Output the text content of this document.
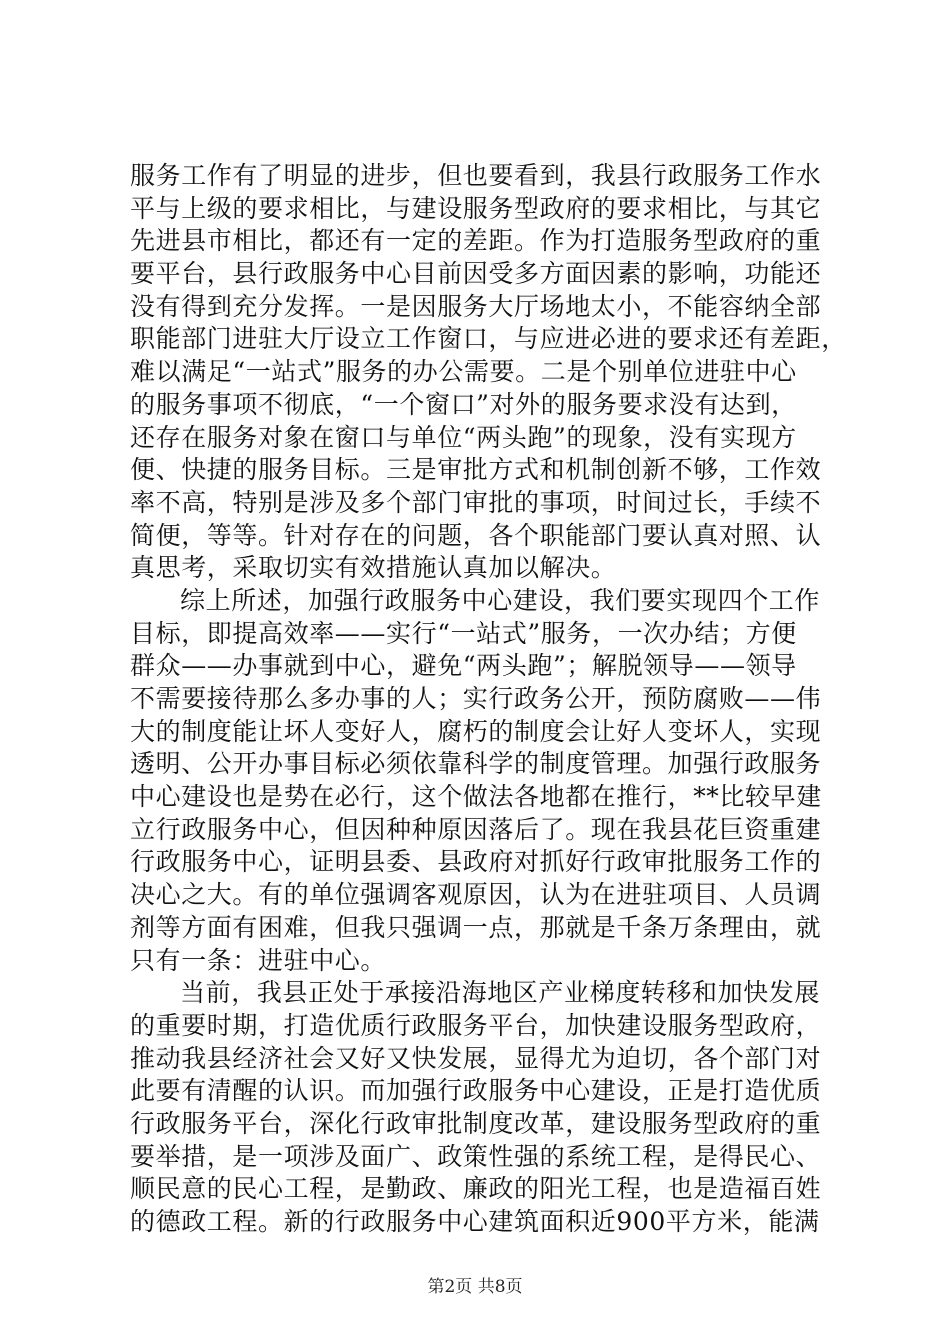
服务工作有了明显的进步，但也要看到，我县行政服务工作水
平与上级的要求相比，与建设服务型政府的要求相比，与其它
先进县市相比，都还有一定的差距。作为打造服务型政府的重
要平台，县行政服务中心目前因受多方面因素的影响，功能还
没有得到充分发挥。一是因服务大厅场地太小，不能容纳全部
职能部门进驻大厅设立工作窗口，与应进必进的要求还有差距，
难以满足“一站式”服务的办公需要。二是个别单位进驻中心
的服务事项不彻底，“一个窗口”对外的服务要求没有达到，
还存在服务对象在窗口与单位“两头跑”的现象，没有实现方
便、快捷的服务目标。三是审批方式和机制创新不够，工作效
率不高，特别是涉及多个部门审批的事项，时间过长，手续不
简便，等等。针对存在的问题，各个职能部门要认真对照、认
真思考，采取切实有效措施认真加以解决。
综上所述，加强行政服务中心建设，我们要实现四个工作
目标，即提高效率——实行“一站式”服务，一次办结；方便
群众——办事就到中心，避免“两头跑”；解脱领导——领导
不需要接待那么多办事的人；实行政务公开，预防腐败——伟
大的制度能让坏人变好人，腐朽的制度会让好人变坏人，实现
透明、公开办事目标必须依靠科学的制度管理。加强行政服务
中心建设也是势在必行，这个做法各地都在推行，**比较早建
立行政服务中心，但因种种原因落后了。现在我县花巨资重建
行政服务中心，证明县委、县政府对抓好行政审批服务工作的
决心之大。有的单位强调客观原因，认为在进驻项目、人员调
剂等方面有困难，但我只强调一点，那就是千条万条理由，就
只有一条：进驻中心。
当前，我县正处于承接沿海地区产业梯度转移和加快发展
的重要时期，打造优质行政服务平台，加快建设服务型政府，
推动我县经济社会又好又快发展，显得尤为迫切，各个部门对
此要有清醒的认识。而加强行政服务中心建设，正是打造优质
行政服务平台，深化行政审批制度改革，建设服务型政府的重
要举措，是一项涉及面广、政策性强的系统工程，是得民心、
顺民意的民心工程，是勤政、廉政的阳光工程，也是造福百姓
的德政工程。新的行政服务中心建筑面积近900平方米，能满
第2页 共8页
